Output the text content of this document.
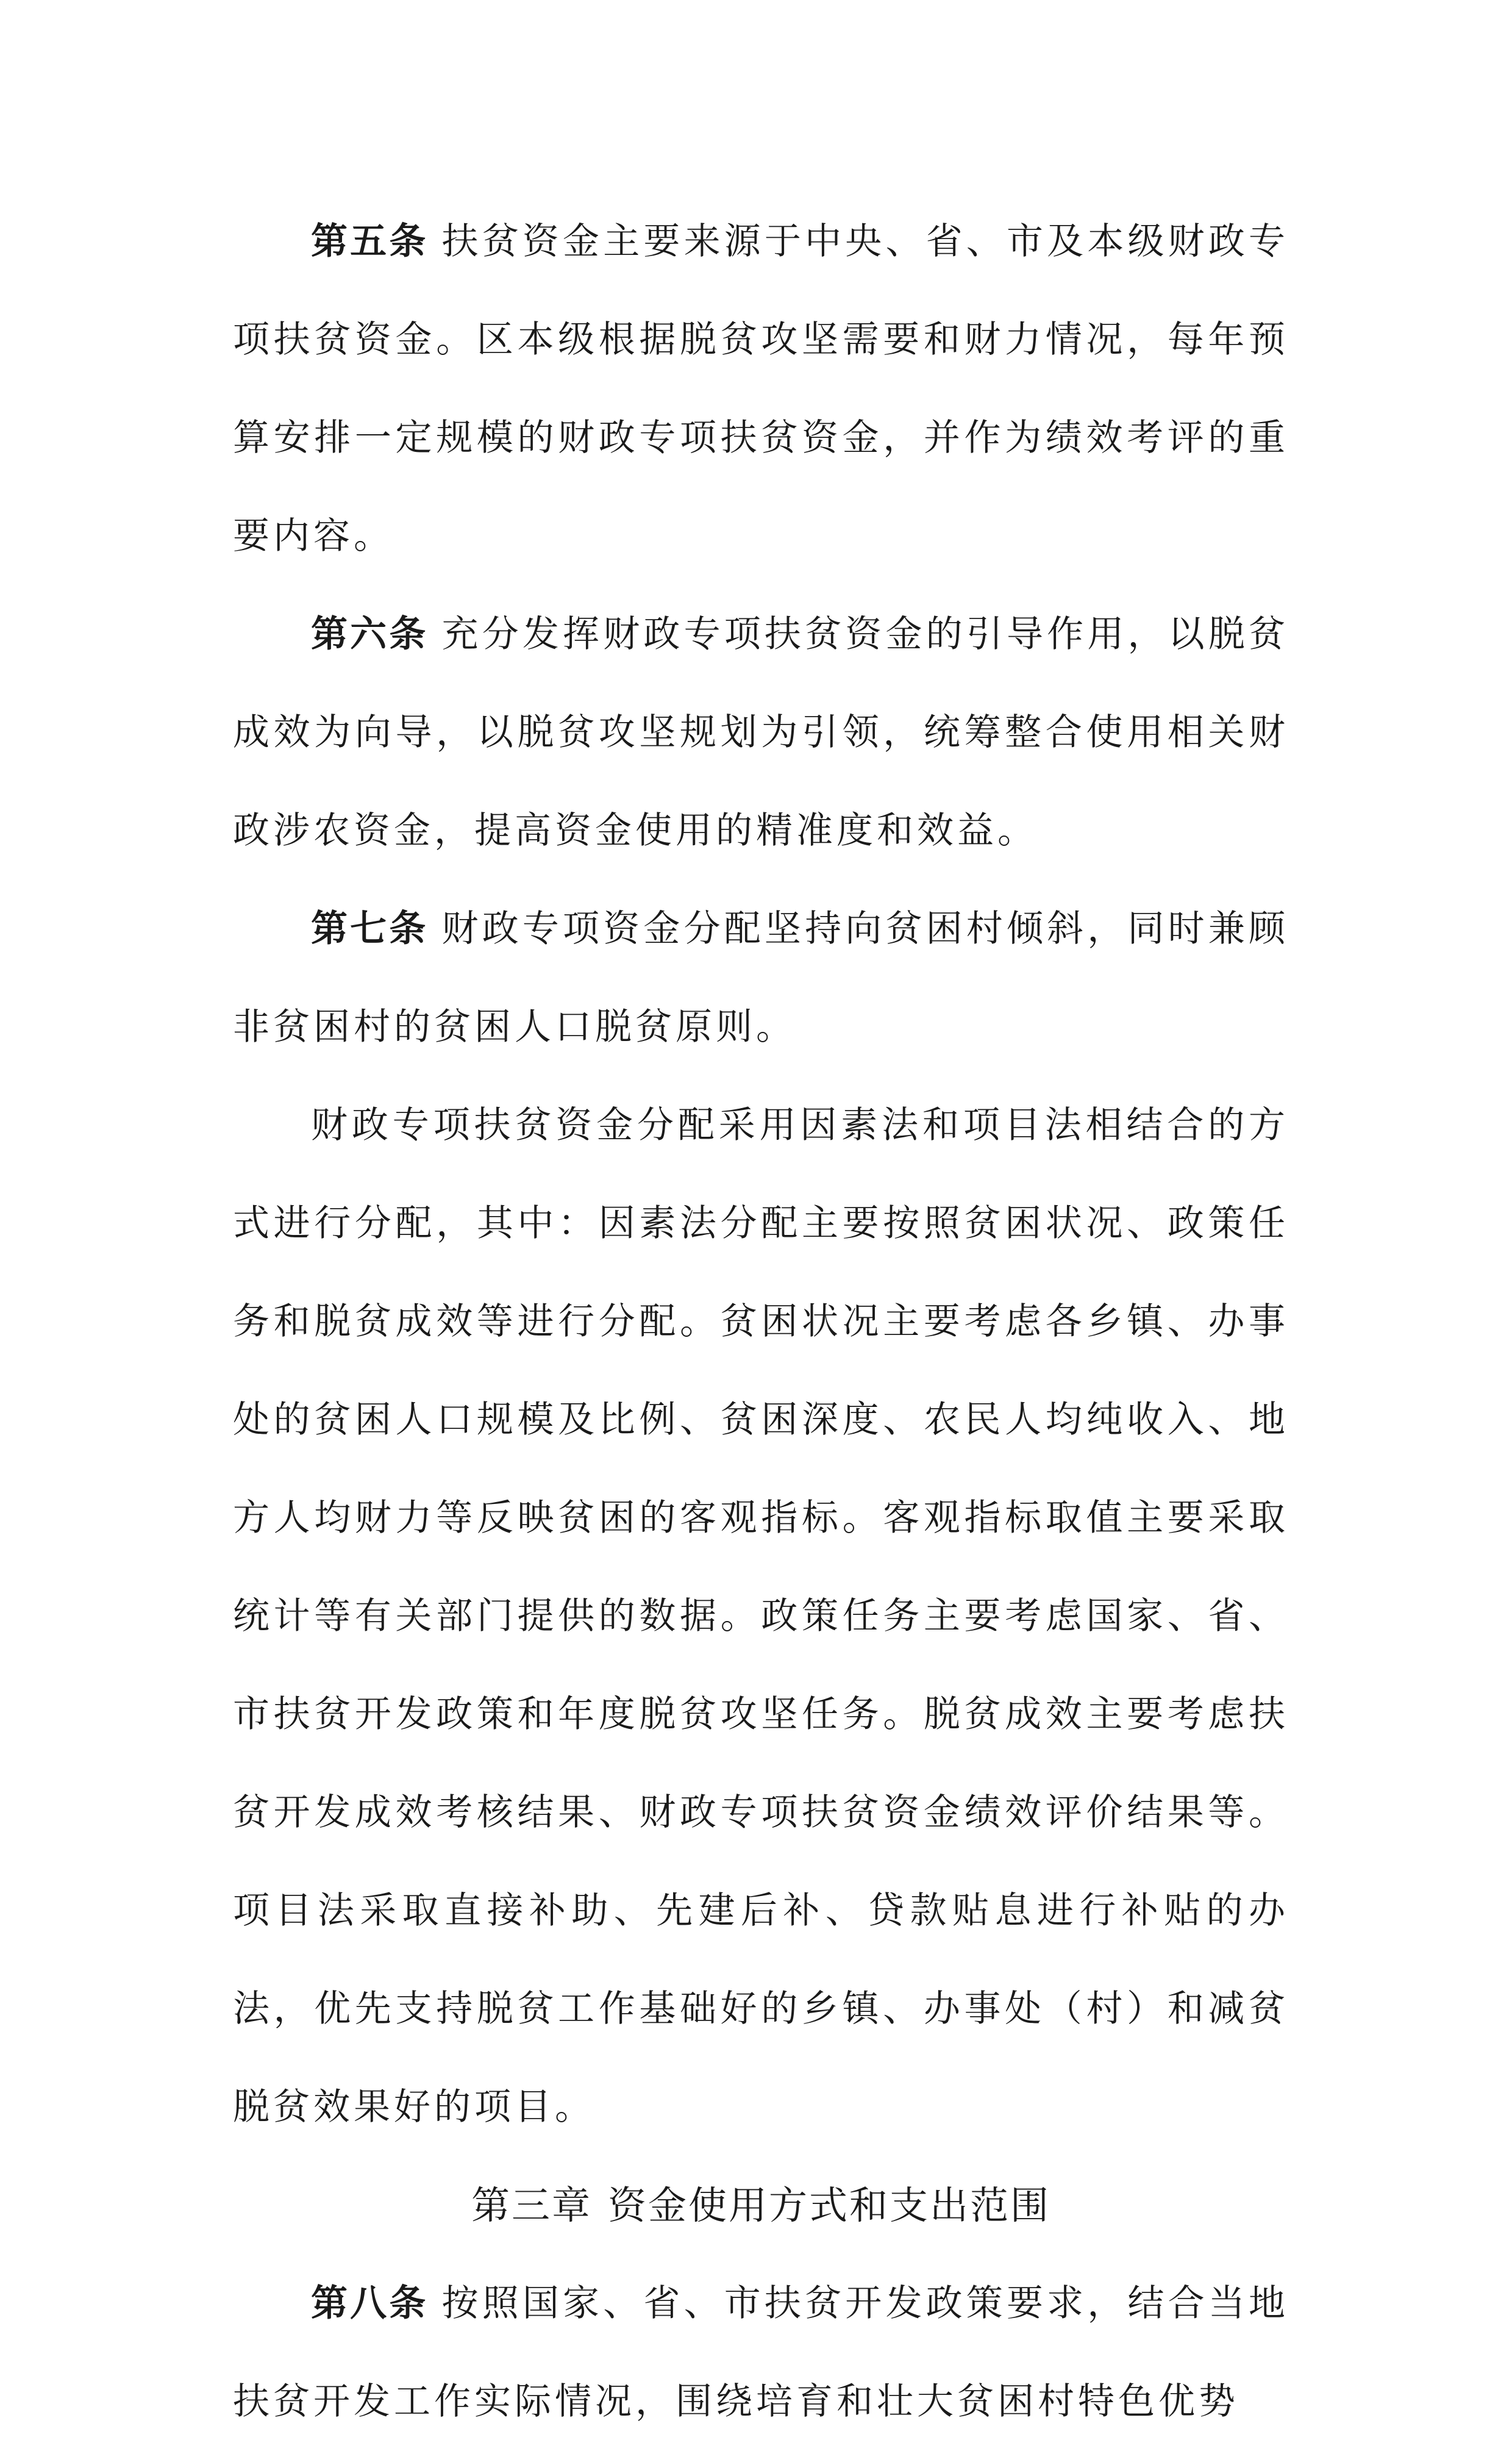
第五条 扶贫资金主要来源于中央、省、市及本级财政专项扶贫资金。区本级根据脱贫攻坚需要和财力情况，每年预算安排一定规模的财政专项扶贫资金，并作为绩效考评的重要内容。

第六条 充分发挥财政专项扶贫资金的引导作用，以脱贫成效为向导，以脱贫攻坚规划为引领，统筹整合使用相关财政涉农资金，提高资金使用的精准度和效益。

第七条 财政专项资金分配坚持向贫困村倾斜，同时兼顾非贫困村的贫困人口脱贫原则。

财政专项扶贫资金分配采用因素法和项目法相结合的方式进行分配，其中：因素法分配主要按照贫困状况、政策任务和脱贫成效等进行分配。贫困状况主要考虑各乡镇、办事处的贫困人口规模及比例、贫困深度、农民人均纯收入、地方人均财力等反映贫困的客观指标。客观指标取值主要采取统计等有关部门提供的数据。政策任务主要考虑国家、省、市扶贫开发政策和年度脱贫攻坚任务。脱贫成效主要考虑扶贫开发成效考核结果、财政专项扶贫资金绩效评价结果等。项目法采取直接补助、先建后补、贷款贴息进行补贴的办法，优先支持脱贫工作基础好的乡镇、办事处（村）和减贫脱贫效果好的项目。

第三章 资金使用方式和支出范围

第八条 按照国家、省、市扶贫开发政策要求，结合当地扶贫开发工作实际情况，围绕培育和壮大贫困村特色优势
